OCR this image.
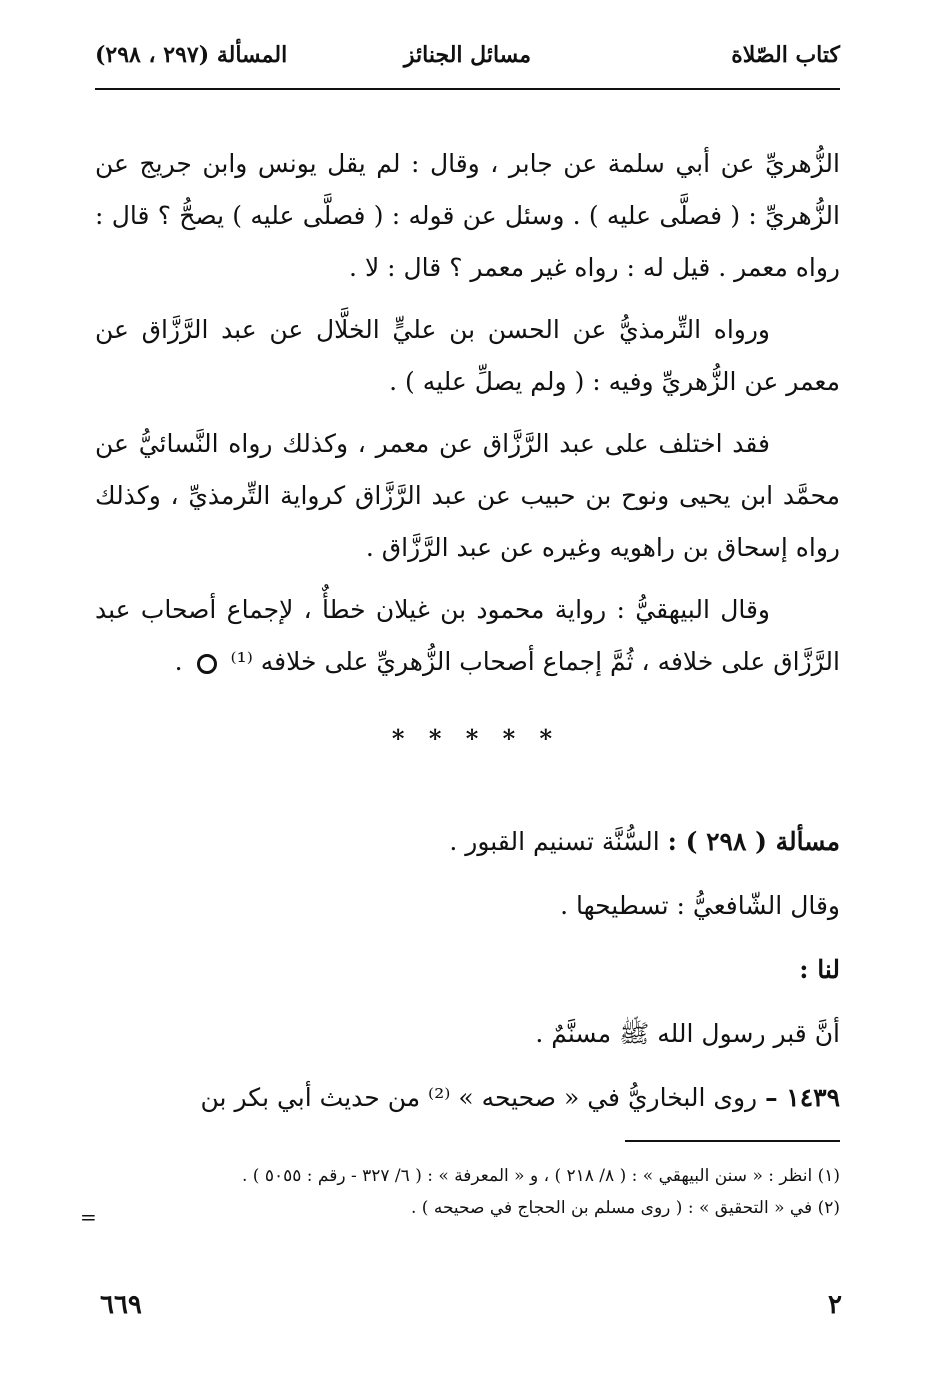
كتاب الصّلاة
مسائل الجنائز
المسألة (٢٩٧ ، ٢٩٨)

الزُّهريِّ عن أبي سلمة عن جابر ، وقال : لم يقل يونس وابن جريج عن الزُّهريِّ : ( فصلَّى عليه ) . وسئل عن قوله : ( فصلَّى عليه ) يصحُّ ؟ قال : رواه معمر . قيل له : رواه غير معمر ؟ قال : لا .

ورواه التِّرمذيُّ عن الحسن بن عليٍّ الخلَّال عن عبد الرَّزَّاق عن معمر عن الزُّهريِّ وفيه : ( ولم يصلِّ عليه ) .

فقد اختلف على عبد الرَّزَّاق عن معمر ، وكذلك رواه النَّسائيُّ عن محمَّد ابن يحيى ونوح بن حبيب عن عبد الرَّزَّاق كرواية التِّرمذيِّ ، وكذلك رواه إسحاق بن راهويه وغيره عن عبد الرَّزَّاق .

وقال البيهقيُّ : رواية محمود بن غيلان خطأٌ ، لإجماع أصحاب عبد الرَّزَّاق على خلافه ، ثُمَّ إجماع أصحاب الزُّهريِّ على خلافه ⁽¹⁾  .

* * * * *

مسألة ( ٢٩٨ ) : السُّنَّة تسنيم القبور .

وقال الشّافعيُّ : تسطيحها .

لنا :

أنَّ قبر رسول الله ﷺ مسنَّمٌ .

١٤٣٩ – روى البخاريُّ في « صحيحه » ⁽²⁾ من حديث أبي بكر بن

(١) انظر : « سنن البيهقي » : ( ٨/ ٢١٨ ) ، و « المعرفة » : ( ٦/ ٣٢٧ - رقم : ٥٠٥٥ ) .

(٢) في « التحقيق » : ( روى مسلم بن الحجاج في صحيحه ) .

=
٢
٦٦٩
